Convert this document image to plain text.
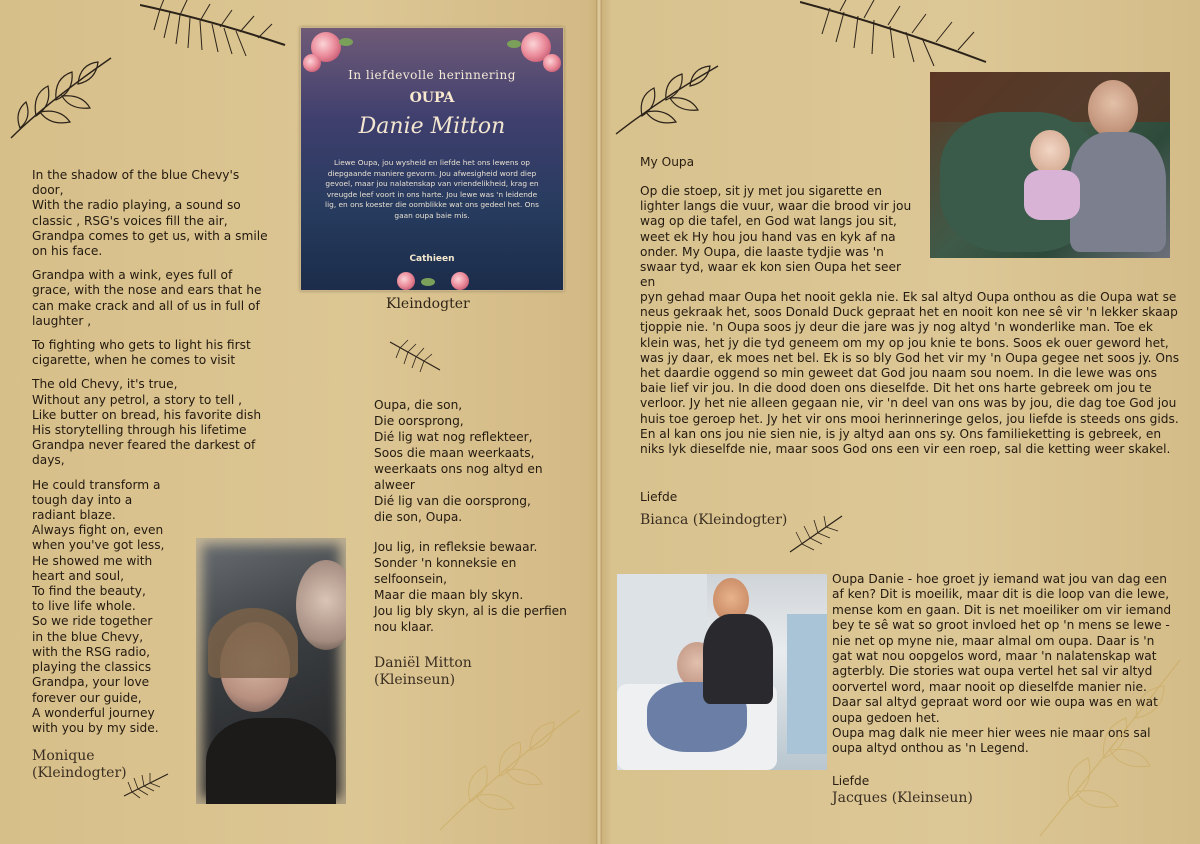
In the shadow of the blue Chevy's
door,
With the radio playing, a sound so
classic , RSG's voices fill the air,
Grandpa comes to get us, with a smile
on his face.
Grandpa with a wink, eyes full of
grace, with the nose and ears that he
can make crack and all of us in full of
laughter ,
To fighting who gets to light his first
cigarette, when he comes to visit
The old Chevy, it's true,
Without any petrol, a story to tell ,
Like butter on bread, his favorite dish
His storytelling through his lifetime
Grandpa never feared the darkest of
days,
He could transform a tough day into a
radiant blaze.
Always fight on, even
when you've got less,
He showed me with
heart and soul,
To find the beauty,
to live life whole.
So we ride together
in the blue Chevy,
with the RSG radio,
playing the classics
Grandpa, your love
forever our guide,
A wonderful journey
with you by my side.
Monique
(Kleindogter)
In liefdevolle herinnering
OUPA
Danie Mitton
Liewe Oupa, jou wysheid en liefde het ons lewens op diepgaande maniere gevorm. Jou afwesigheid word diep gevoel, maar jou nalatenskap van vriendelikheid, krag en vreugde leef voort in ons harte. Jou lewe was 'n leidende lig, en ons koester die oomblikke wat ons gedeel het. Ons gaan oupa baie mis.
Cathieen
Kleindogter
Oupa, die son,
Die oorsprong,
Dié lig wat nog reflekteer,
Soos die maan weerkaats,
weerkaats ons nog altyd en
alweer
Dié lig van die oorsprong,
die son, Oupa.
Jou lig, in refleksie bewaar.
Sonder 'n konneksie en
selfoonsein,
Maar die maan bly skyn.
Jou lig bly skyn, al is die perfien
nou klaar.
Daniël Mitton
(Kleinseun)
My Oupa
Op die stoep, sit jy met jou sigarette en lighter langs die vuur, waar die brood vir jou wag op die tafel, en God wat langs jou sit, weet ek Hy hou jou hand vas en kyk af na onder. My Oupa, die laaste tydjie was 'n swaar tyd, waar ek kon sien Oupa het seer en
pyn gehad maar Oupa het nooit gekla nie. Ek sal altyd Oupa onthou as die Oupa wat se neus gekraak het, soos Donald Duck gepraat het en nooit kon nee sê vir 'n lekker skaap tjoppie nie. 'n Oupa soos jy deur die jare was jy nog altyd 'n wonderlike man. Toe ek klein was, het jy die tyd geneem om my op jou knie te bons. Soos ek ouer geword het, was jy daar, ek moes net bel. Ek is so bly God het vir my 'n Oupa gegee net soos jy. Ons het daardie oggend so min geweet dat God jou naam sou noem. In die lewe was ons baie lief vir jou. In die dood doen ons dieselfde. Dit het ons harte gebreek om jou te verloor. Jy het nie alleen gegaan nie, vir 'n deel van ons was by jou, die dag toe God jou huis toe geroep het. Jy het vir ons mooi herinneringe gelos, jou liefde is steeds ons gids. En al kan ons jou nie sien nie, is jy altyd aan ons sy. Ons familieketting is gebreek, en niks lyk dieselfde nie, maar soos God ons een vir een roep, sal die ketting weer skakel.
Liefde
Bianca (Kleindogter)
Oupa Danie - hoe groet jy iemand wat jou van dag een af ken? Dit is moeilik, maar dit is die loop van die lewe, mense kom en gaan. Dit is net moeiliker om vir iemand bey te sê wat so groot invloed het op 'n mens se lewe - nie net op myne nie, maar almal om oupa. Daar is 'n gat wat nou oopgelos word, maar 'n nalatenskap wat agterbly. Die stories wat oupa vertel het sal vir altyd oorvertel word, maar nooit op dieselfde manier nie. Daar sal altyd gepraat word oor wie oupa was en wat oupa gedoen het.
Oupa mag dalk nie meer hier wees nie maar ons sal oupa altyd onthou as 'n Legend.
Liefde
Jacques (Kleinseun)
